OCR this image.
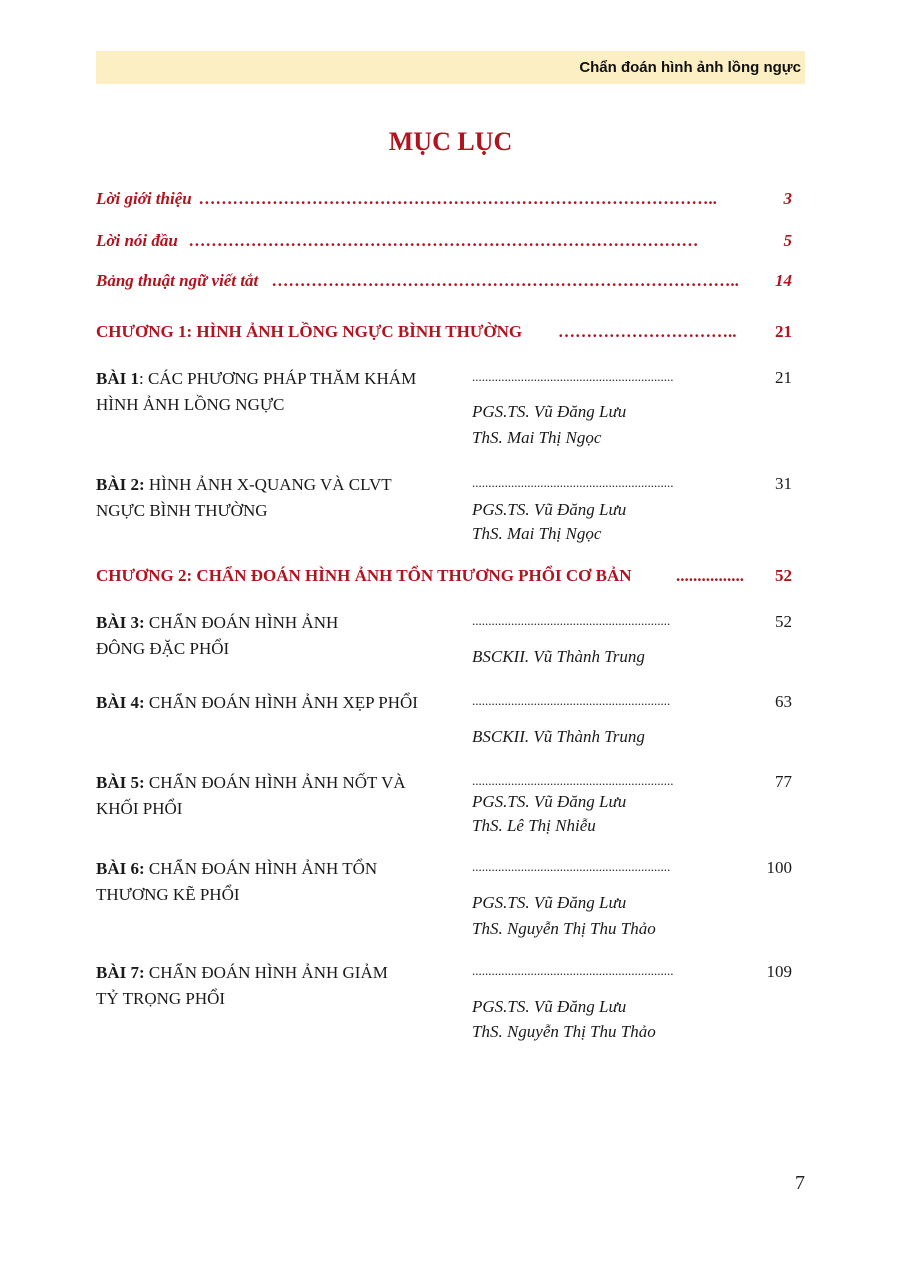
Chẩn đoán hình ảnh lồng ngực
MỤC LỤC
Lời giới thiệu ………………………………………………………………………………..	3
Lời nói đầu ………………………………………………………………………………	5
Bảng thuật ngữ viết tắt ………………………………………………………………………..	14
CHƯƠNG 1: HÌNH ẢNH LỒNG NGỰC BÌNH THƯỜNG …………………………..	21
BÀI 1: CÁC PHƯƠNG PHÁP THĂM KHÁM
HÌNH ẢNH LỒNG NGỰC
..............................................................	21
PGS.TS. Vũ Đăng Lưu
ThS. Mai Thị Ngọc
BÀI 2: HÌNH ẢNH X-QUANG VÀ CLVT
NGỰC BÌNH THƯỜNG
..............................................................	31
PGS.TS. Vũ Đăng Lưu
ThS. Mai Thị Ngọc
CHƯƠNG 2: CHẨN ĐOÁN HÌNH ẢNH TỔN THƯƠNG PHỔI CƠ BẢN	................	52
BÀI 3: CHẨN ĐOÁN HÌNH ẢNH
ĐÔNG ĐẶC PHỔI
.............................................................	52
BSCKII. Vũ Thành Trung
BÀI 4: CHẨN ĐOÁN HÌNH ẢNH XẸP PHỔI	.............................................................	63
BSCKII. Vũ Thành Trung
BÀI 5: CHẨN ĐOÁN HÌNH ẢNH NỐT VÀ
KHỐI PHỔI
..............................................................	77
PGS.TS. Vũ Đăng Lưu
ThS. Lê Thị Nhiễu
BÀI 6: CHẨN ĐOÁN HÌNH ẢNH TỔN
THƯƠNG KẼ PHỔI
.............................................................	100
PGS.TS. Vũ Đăng Lưu
ThS. Nguyễn Thị Thu Thảo
BÀI 7: CHẨN ĐOÁN HÌNH ẢNH GIẢM
TỶ TRỌNG PHỔI
..............................................................	109
PGS.TS. Vũ Đăng Lưu
ThS. Nguyễn Thị Thu Thảo
7
